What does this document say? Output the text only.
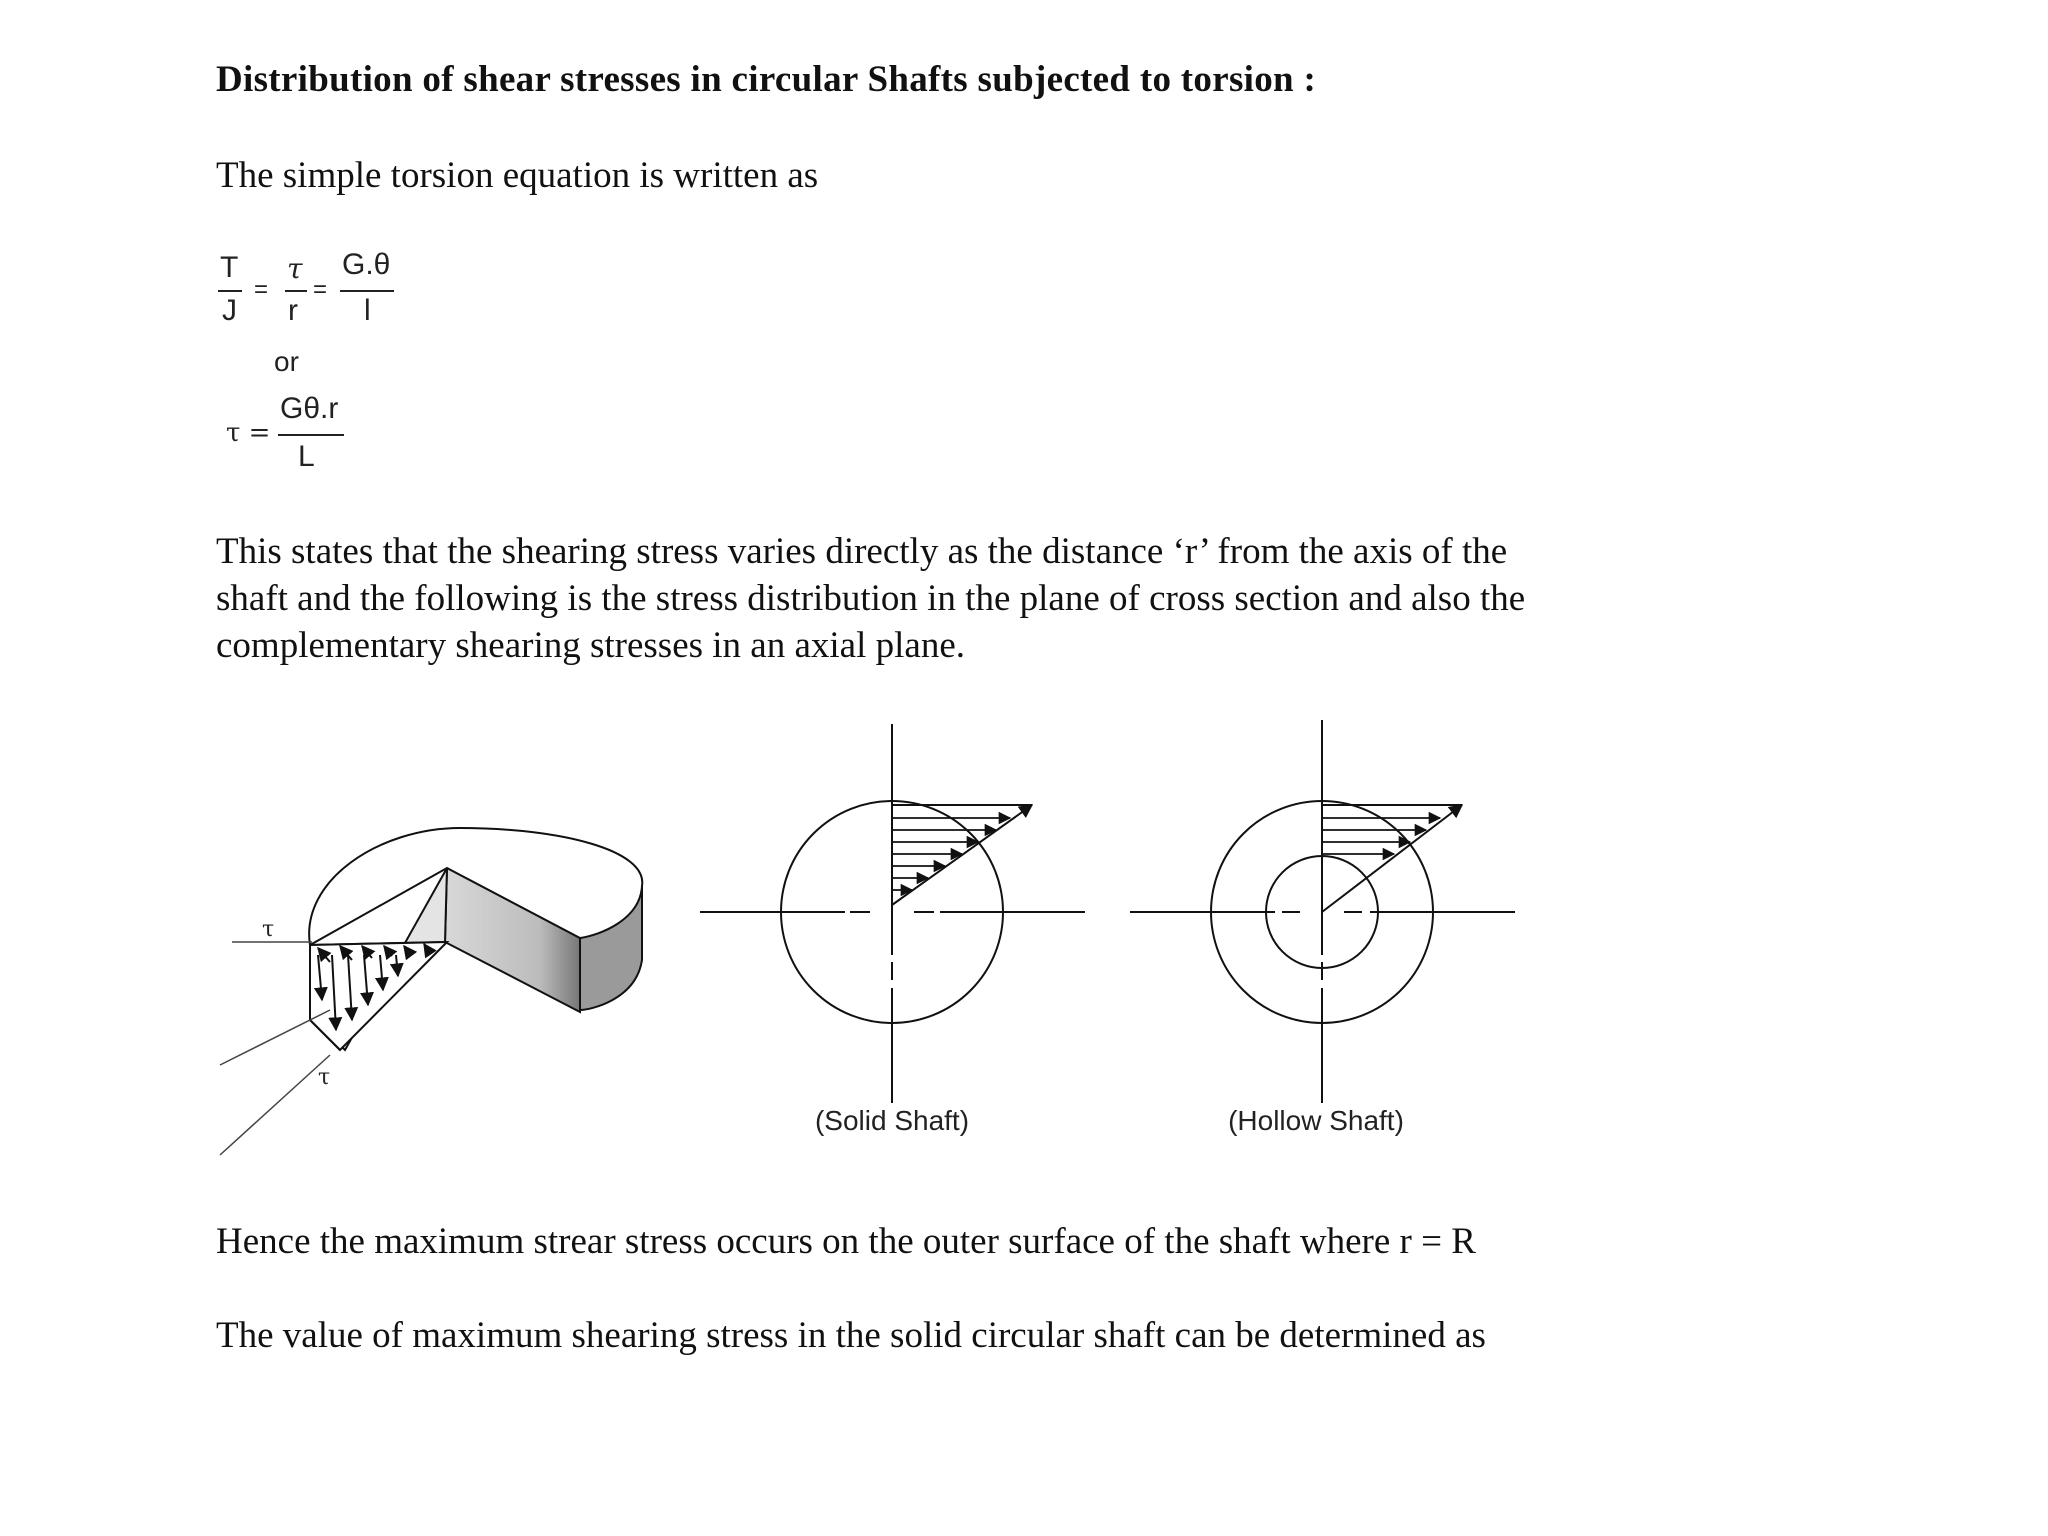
Distribution of shear stresses in circular Shafts subjected to torsion :
The simple torsion equation is written as
T
J
=
τ
r
=
G.θ
l
or
τ =
Gθ.r
L
This states that the shearing stress varies directly as the distance ‘r’ from the axis of the
shaft and the following is the stress distribution in the plane of cross section and also the
complementary shearing stresses in an axial plane.
τ
τ
(Solid Shaft)	(Hollow Shaft)
Hence the maximum strear stress occurs on the outer surface of the shaft where r = R
The value of maximum shearing stress in the solid circular shaft can be determined as
